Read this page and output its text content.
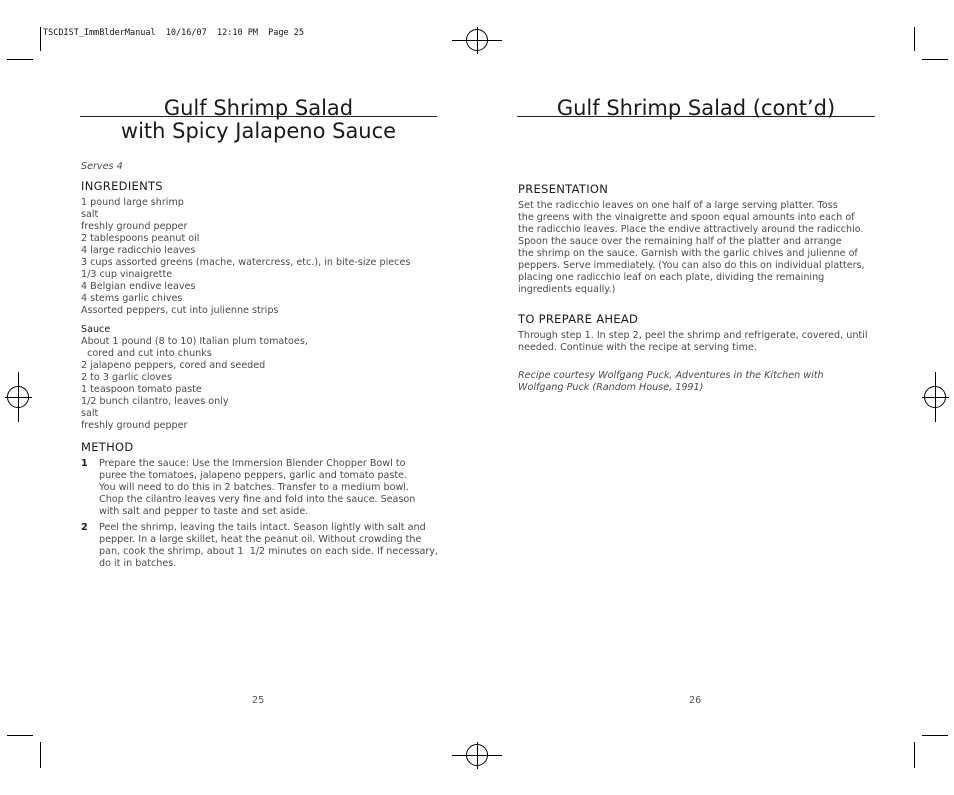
TSCDIST_ImmBlderManual  10/16/07  12:10 PM  Page 25
Gulf Shrimp Salad
with Spicy Jalapeno Sauce
Serves 4
INGREDIENTS
1 pound large shrimp
salt
freshly ground pepper
2 tablespoons peanut oil
4 large radicchio leaves
3 cups assorted greens (mache, watercress, etc.), in bite-size pieces
1/3 cup vinaigrette
4 Belgian endive leaves
4 stems garlic chives
Assorted peppers, cut into julienne strips
Sauce
About 1 pound (8 to 10) Italian plum tomatoes,
cored and cut into chunks
2 jalapeno peppers, cored and seeded
2 to 3 garlic cloves
1 teaspoon tomato paste
1/2 bunch cilantro, leaves only
salt
freshly ground pepper
METHOD
1 Prepare the sauce: Use the Immersion Blender Chopper Bowl to
puree the tomatoes, jalapeno peppers, garlic and tomato paste.
You will need to do this in 2 batches. Transfer to a medium bowl.
Chop the cilantro leaves very fine and fold into the sauce. Season
with salt and pepper to taste and set aside.
2 Peel the shrimp, leaving the tails intact. Season lightly with salt and
pepper. In a large skillet, heat the peanut oil. Without crowding the
pan, cook the shrimp, about 1  1/2 minutes on each side. If necessary,
do it in batches.
25
Gulf Shrimp Salad (cont’d)
PRESENTATION
Set the radicchio leaves on one half of a large serving platter. Toss
the greens with the vinaigrette and spoon equal amounts into each of
the radicchio leaves. Place the endive attractively around the radicchio.
Spoon the sauce over the remaining half of the platter and arrange
the shrimp on the sauce. Garnish with the garlic chives and julienne of
peppers. Serve immediately. (You can also do this on individual platters,
placing one radicchio leaf on each plate, dividing the remaining
ingredients equally.)
TO PREPARE AHEAD
Through step 1. In step 2, peel the shrimp and refrigerate, covered, until
needed. Continue with the recipe at serving time.
Recipe courtesy Wolfgang Puck, Adventures in the Kitchen with
Wolfgang Puck (Random House, 1991)
26
